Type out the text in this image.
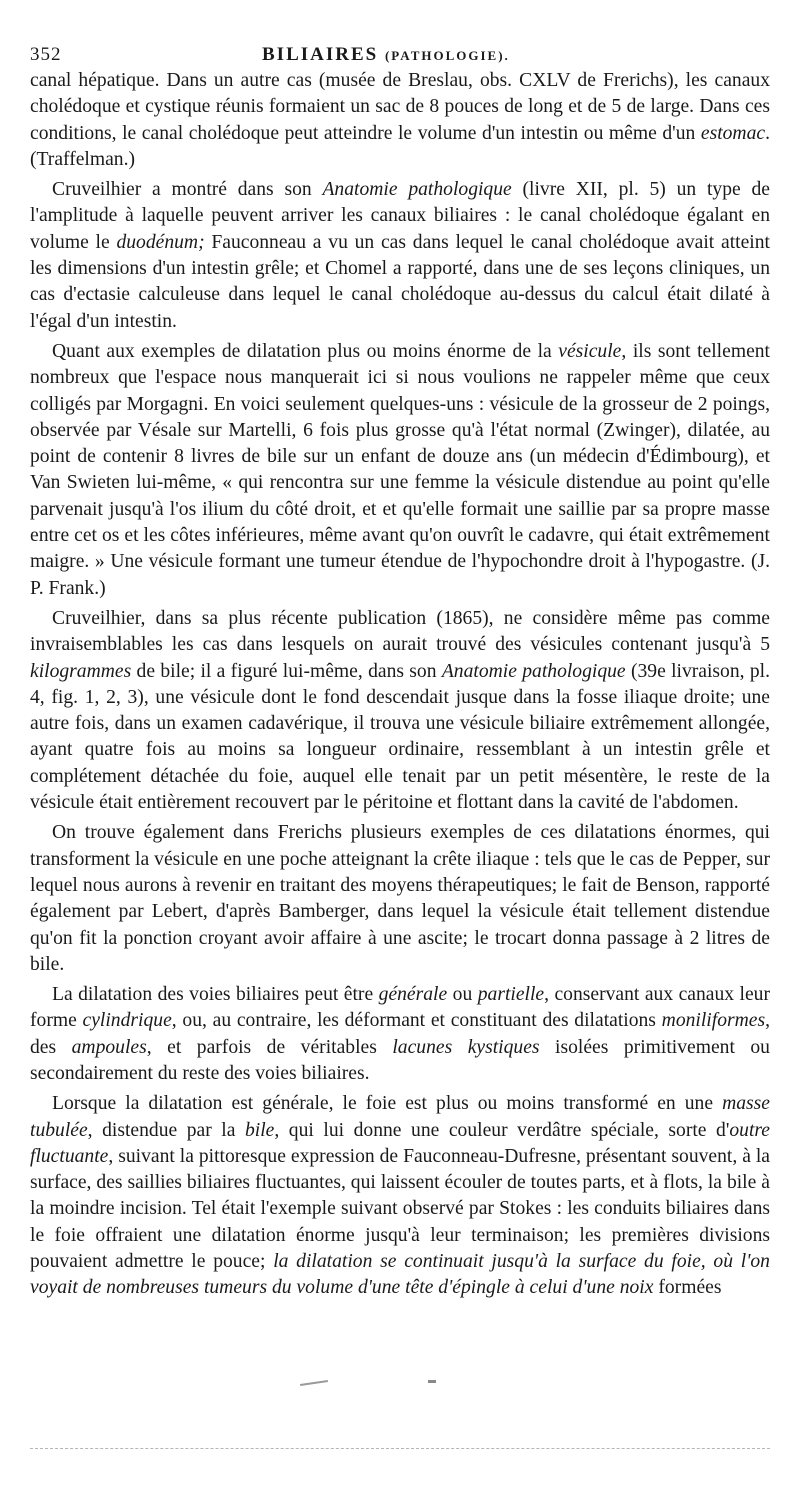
352	BILIAIRES (PATHOLOGIE).

canal hépatique. Dans un autre cas (musée de Breslau, obs. CXLV de Frerichs), les canaux cholédoque et cystique réunis formaient un sac de 8 pouces de long et de 5 de large. Dans ces conditions, le canal cholédoque peut atteindre le volume d'un intestin ou même d'un estomac. (Traffelman.)

Cruveilhier a montré dans son Anatomie pathologique (livre XII, pl. 5) un type de l'amplitude à laquelle peuvent arriver les canaux biliaires : le canal cholédoque égalant en volume le duodénum; Fauconneau a vu un cas dans lequel le canal cholédoque avait atteint les dimensions d'un intestin grêle; et Chomel a rapporté, dans une de ses leçons cliniques, un cas d'ectasie calculeuse dans lequel le canal cholédoque au-dessus du calcul était dilaté à l'égal d'un intestin.

Quant aux exemples de dilatation plus ou moins énorme de la vésicule, ils sont tellement nombreux que l'espace nous manquerait ici si nous voulions ne rappeler même que ceux colligés par Morgagni. En voici seulement quelques-uns : vésicule de la grosseur de 2 poings, observée par Vésale sur Martelli, 6 fois plus grosse qu'à l'état normal (Zwinger), dilatée, au point de contenir 8 livres de bile sur un enfant de douze ans (un médecin d'Édimbourg), et Van Swieten lui-même, « qui rencontra sur une femme la vésicule distendue au point qu'elle parvenait jusqu'à l'os ilium du côté droit, et et qu'elle formait une saillie par sa propre masse entre cet os et les côtes inférieures, même avant qu'on ouvrît le cadavre, qui était extrêmement maigre. » Une vésicule formant une tumeur étendue de l'hypochondre droit à l'hypogastre. (J. P. Frank.)

Cruveilhier, dans sa plus récente publication (1865), ne considère même pas comme invraisemblables les cas dans lesquels on aurait trouvé des vésicules contenant jusqu'à 5 kilogrammes de bile; il a figuré lui-même, dans son Anatomie pathologique (39e livraison, pl. 4, fig. 1, 2, 3), une vésicule dont le fond descendait jusque dans la fosse iliaque droite; une autre fois, dans un examen cadavérique, il trouva une vésicule biliaire extrêmement allongée, ayant quatre fois au moins sa longueur ordinaire, ressemblant à un intestin grêle et complétement détachée du foie, auquel elle tenait par un petit mésentère, le reste de la vésicule était entièrement recouvert par le péritoine et flottant dans la cavité de l'abdomen.

On trouve également dans Frerichs plusieurs exemples de ces dilatations énormes, qui transforment la vésicule en une poche atteignant la crête iliaque : tels que le cas de Pepper, sur lequel nous aurons à revenir en traitant des moyens thérapeutiques; le fait de Benson, rapporté également par Lebert, d'après Bamberger, dans lequel la vésicule était tellement distendue qu'on fit la ponction croyant avoir affaire à une ascite; le trocart donna passage à 2 litres de bile.

La dilatation des voies biliaires peut être générale ou partielle, conservant aux canaux leur forme cylindrique, ou, au contraire, les déformant et constituant des dilatations moniliformes, des ampoules, et parfois de véritables lacunes kystiques isolées primitivement ou secondairement du reste des voies biliaires.

Lorsque la dilatation est générale, le foie est plus ou moins transformé en une masse tubulée, distendue par la bile, qui lui donne une couleur verdâtre spéciale, sorte d'outre fluctuante, suivant la pittoresque expression de Fauconneau-Dufresne, présentant souvent, à la surface, des saillies biliaires fluctuantes, qui laissent écouler de toutes parts, et à flots, la bile à la moindre incision. Tel était l'exemple suivant observé par Stokes : les conduits biliaires dans le foie offraient une dilatation énorme jusqu'à leur terminaison; les premières divisions pouvaient admettre le pouce; la dilatation se continuait jusqu'à la surface du foie, où l'on voyait de nombreuses tumeurs du volume d'une tête d'épingle à celui d'une noix formées
